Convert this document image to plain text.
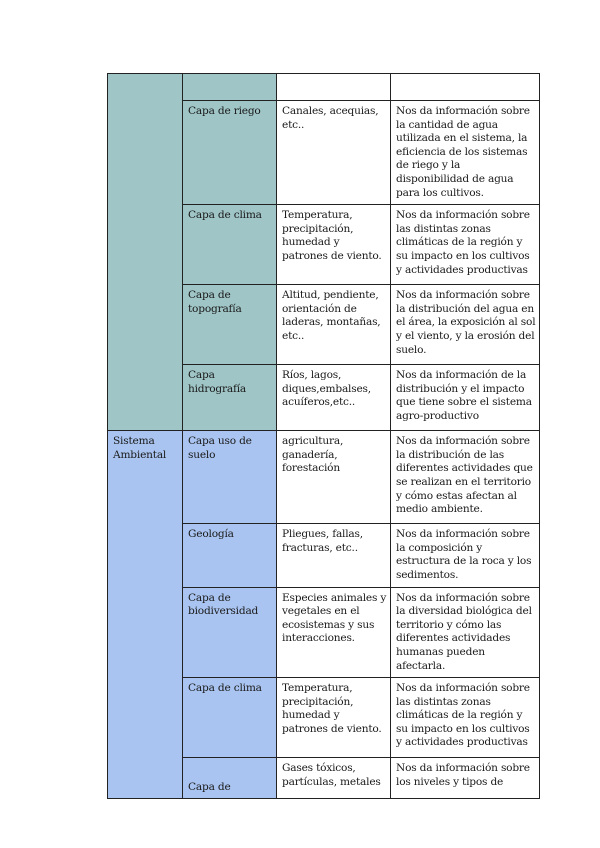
	Capa de riego	Canales, acequias, etc..	Nos da información sobre la cantidad de agua utilizada en el sistema, la eficiencia de los sistemas de riego y la disponibilidad de agua para los cultivos.
	Capa de clima	Temperatura, precipitación, humedad y patrones de viento.	Nos da información sobre las distintas zonas climáticas de la región y su impacto en los cultivos y actividades productivas
	Capa de topografía	Altitud, pendiente, orientación de laderas, montañas, etc..	Nos da información sobre la distribución del agua en el área, la exposición al sol y el viento, y la erosión del suelo.
	Capa hidrografía	Ríos, lagos, diques,embalses, acuíferos,etc..	Nos da información de la distribución y el impacto que tiene sobre el sistema agro-productivo
Sistema Ambiental	Capa uso de suelo	agricultura, ganadería, forestación	Nos da información sobre la distribución de las diferentes actividades que se realizan en el territorio y cómo estas afectan al medio ambiente.
	Geología	Pliegues, fallas, fracturas, etc..	Nos da información sobre la composición y estructura de la roca y los sedimentos.
	Capa de biodiversidad	Especies animales y vegetales en el ecosistemas y sus interacciones.	Nos da información sobre la diversidad biológica del territorio y cómo las diferentes actividades humanas pueden afectarla.
	Capa de clima	Temperatura, precipitación, humedad y patrones de viento.	Nos da información sobre las distintas zonas climáticas de la región y su impacto en los cultivos y actividades productivas
	Capa de	Gases tóxicos, partículas, metales	Nos da información sobre los niveles y tipos de
